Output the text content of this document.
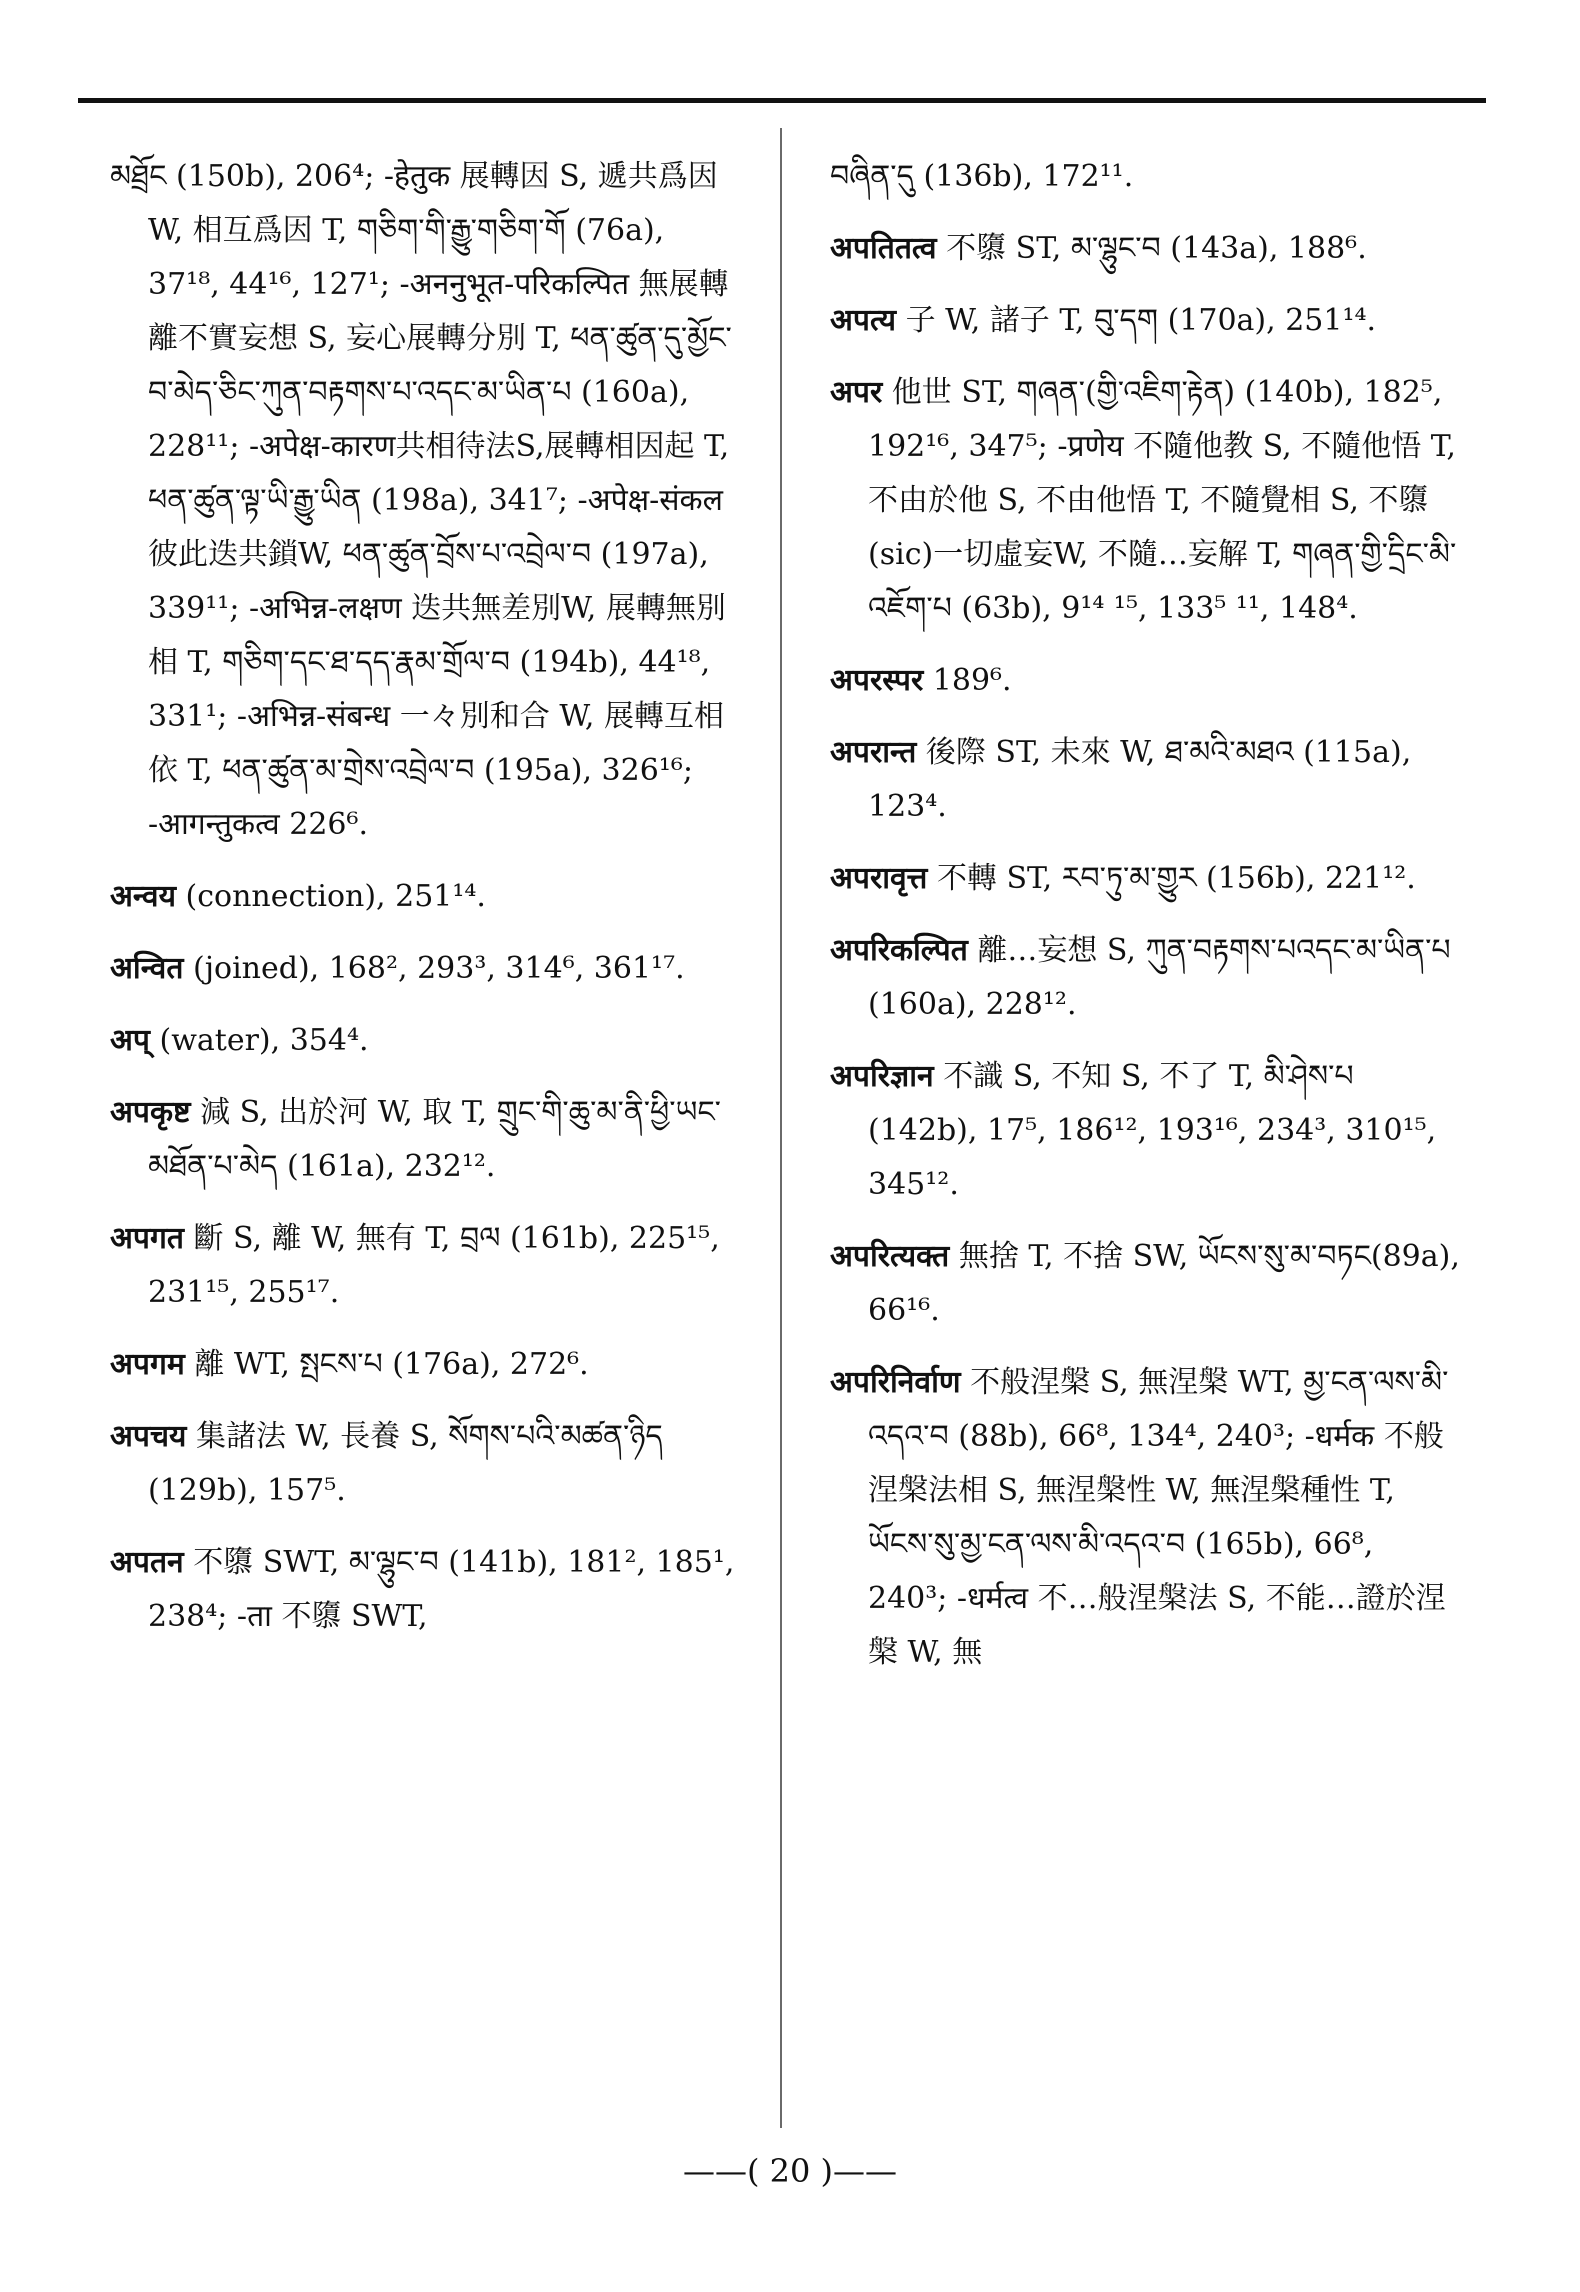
མཐྲོང (150b), 206⁴; -हेतुक 展轉因 S, 遞共爲因 W, 相互爲因 T, གཅིག་གི་རྒྱུ་གཅིག་གོ (76a), 37¹⁸, 44¹⁶, 127¹; -अननुभूत-परिकल्पित 無展轉離不實妄想 S, 妄心展轉分別 T, ཕན་ཚུན་དུ་མྱོང་བ་མེད་ཅིང་ཀུན་བརྟགས་པ་འདང་མ་ཡིན་པ (160a), 228¹¹; -अपेक्ष-कारण共相待法S,展轉相因起 T, ཕན་ཚུན་ལྟ་ཡི་རྒྱུ་ཡིན (198a), 341⁷; -अपेक्ष-संकल 彼此迭共鎖W, ཕན་ཚུན་བྲོས་པ་འབྲེལ་བ (197a), 339¹¹; -अभिन्न-लक्षण 迭共無差別W, 展轉無別相 T, གཅིག་དང་ཐ་དད་རྣམ་གྲོལ་བ (194b), 44¹⁸, 331¹; -अभिन्न-संबन्ध 一々別和合 W, 展轉互相依 T, ཕན་ཚུན་མ་གྲེས་འབྲེལ་བ (195a), 326¹⁶; -आगन्तुकत्व 226⁶.
अन्वय (connection), 251¹⁴.
अन्वित (joined), 168², 293³, 314⁶, 361¹⁷.
अप् (water), 354⁴.
अपकृष्ट 減 S, 出於河 W, 取 T, གྲུང་གི་ཆུ་མ་ནི་ཕྱི་ཡང་མཐོན་པ་མེད (161a), 232¹².
अपगत 斷 S, 離 W, 無有 T, བྲལ (161b), 225¹⁵, 231¹⁵, 255¹⁷.
अपगम 離 WT, སྤངས་པ (176a), 272⁶.
अपचय 集諸法 W, 長養 S, སོགས་པའི་མཚན་ཉིད (129b), 157⁵.
अपतन 不隳 SWT, མ་ལྷུང་བ (141b), 181², 185¹, 238⁴; -ता 不隳 SWT,
བཞིན་དུ (136b), 172¹¹.
अपतितत्व 不隳 ST, མ་ལྷུང་བ (143a), 188⁶.
अपत्य 子 W, 諸子 T, བུ་དག (170a), 251¹⁴.
अपर 他世 ST, གཞན་(གྱི་འཇིག་རྟེན) (140b), 182⁵, 192¹⁶, 347⁵; -प्रणेय 不隨他教 S, 不隨他悟 T, 不由於他 S, 不由他悟 T, 不隨覺相 S, 不隳(sic)一切虛妄W, 不隨…妄解 T, གཞན་གྱི་དྲིང་མི་འཇོག་པ (63b), 9¹⁴ ¹⁵, 133⁵ ¹¹, 148⁴.
अपरस्पर 189⁶.
अपरान्त 後際 ST, 未來 W, ཐ་མའི་མཐའ (115a), 123⁴.
अपरावृत्त 不轉 ST, རབ་ཏུ་མ་གྱུར (156b), 221¹².
अपरिकल्पित 離…妄想 S, ཀུན་བརྟགས་པའདང་མ་ཡིན་པ (160a), 228¹².
अपरिज्ञान 不識 S, 不知 S, 不了 T, མི་ཤེས་པ (142b), 17⁵, 186¹², 193¹⁶, 234³, 310¹⁵, 345¹².
अपरित्यक्त 無捨 T, 不捨 SW, ཡོངས་སུ་མ་བཏང(89a), 66¹⁶.
अपरिनिर्वाण 不般涅槃 S, 無涅槃 WT, མྱ་ངན་ལས་མི་འདའ་བ (88b), 66⁸, 134⁴, 240³; -धर्मक 不般涅槃法相 S, 無涅槃性 W, 無涅槃種性 T, ཡོངས་སུ་མྱ་ངན་ལས་མི་འདའ་བ (165b), 66⁸, 240³; -धर्मत्व 不…般涅槃法 S, 不能…證於涅槃 W, 無
——( 20 )——
